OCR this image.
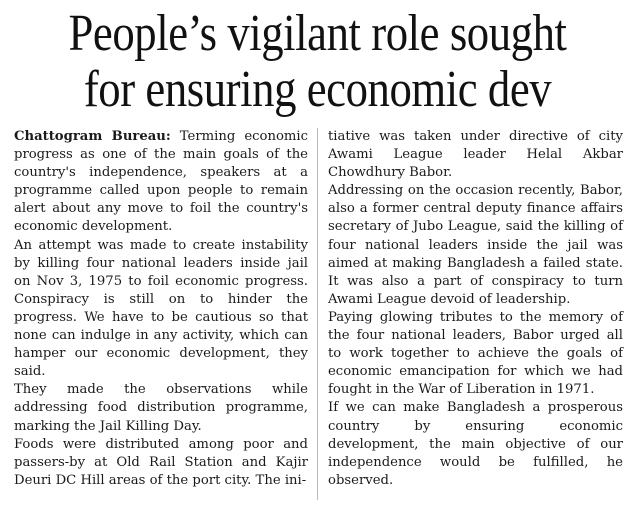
People’s vigilant role sought
for ensuring economic dev

Chattogram Bureau: Terming economic progress as one of the main goals of the country's independence, speakers at a programme called upon people to remain alert about any move to foil the country's economic development.

An attempt was made to create instability by killing four national leaders inside jail on Nov 3, 1975 to foil economic progress. Conspiracy is still on to hinder the progress. We have to be cautious so that none can indulge in any activity, which can hamper our economic development, they said.

They made the observations while addressing food distribution programme, marking the Jail Killing Day.

Foods were distributed among poor and passers-by at Old Rail Station and Kajir Deuri DC Hill areas of the port city. The ini-

tiative was taken under directive of city Awami League leader Helal Akbar Chowdhury Babor.

Addressing on the occasion recently, Babor, also a former central deputy finance affairs secretary of Jubo League, said the killing of four national leaders inside the jail was aimed at making Bangladesh a failed state. It was also a part of conspiracy to turn Awami League devoid of leadership.

Paying glowing tributes to the memory of the four national leaders, Babor urged all to work together to achieve the goals of economic emancipation for which we had fought in the War of Liberation in 1971.

If we can make Bangladesh a prosperous country by ensuring economic development, the main objective of our independence would be fulfilled, he observed.
